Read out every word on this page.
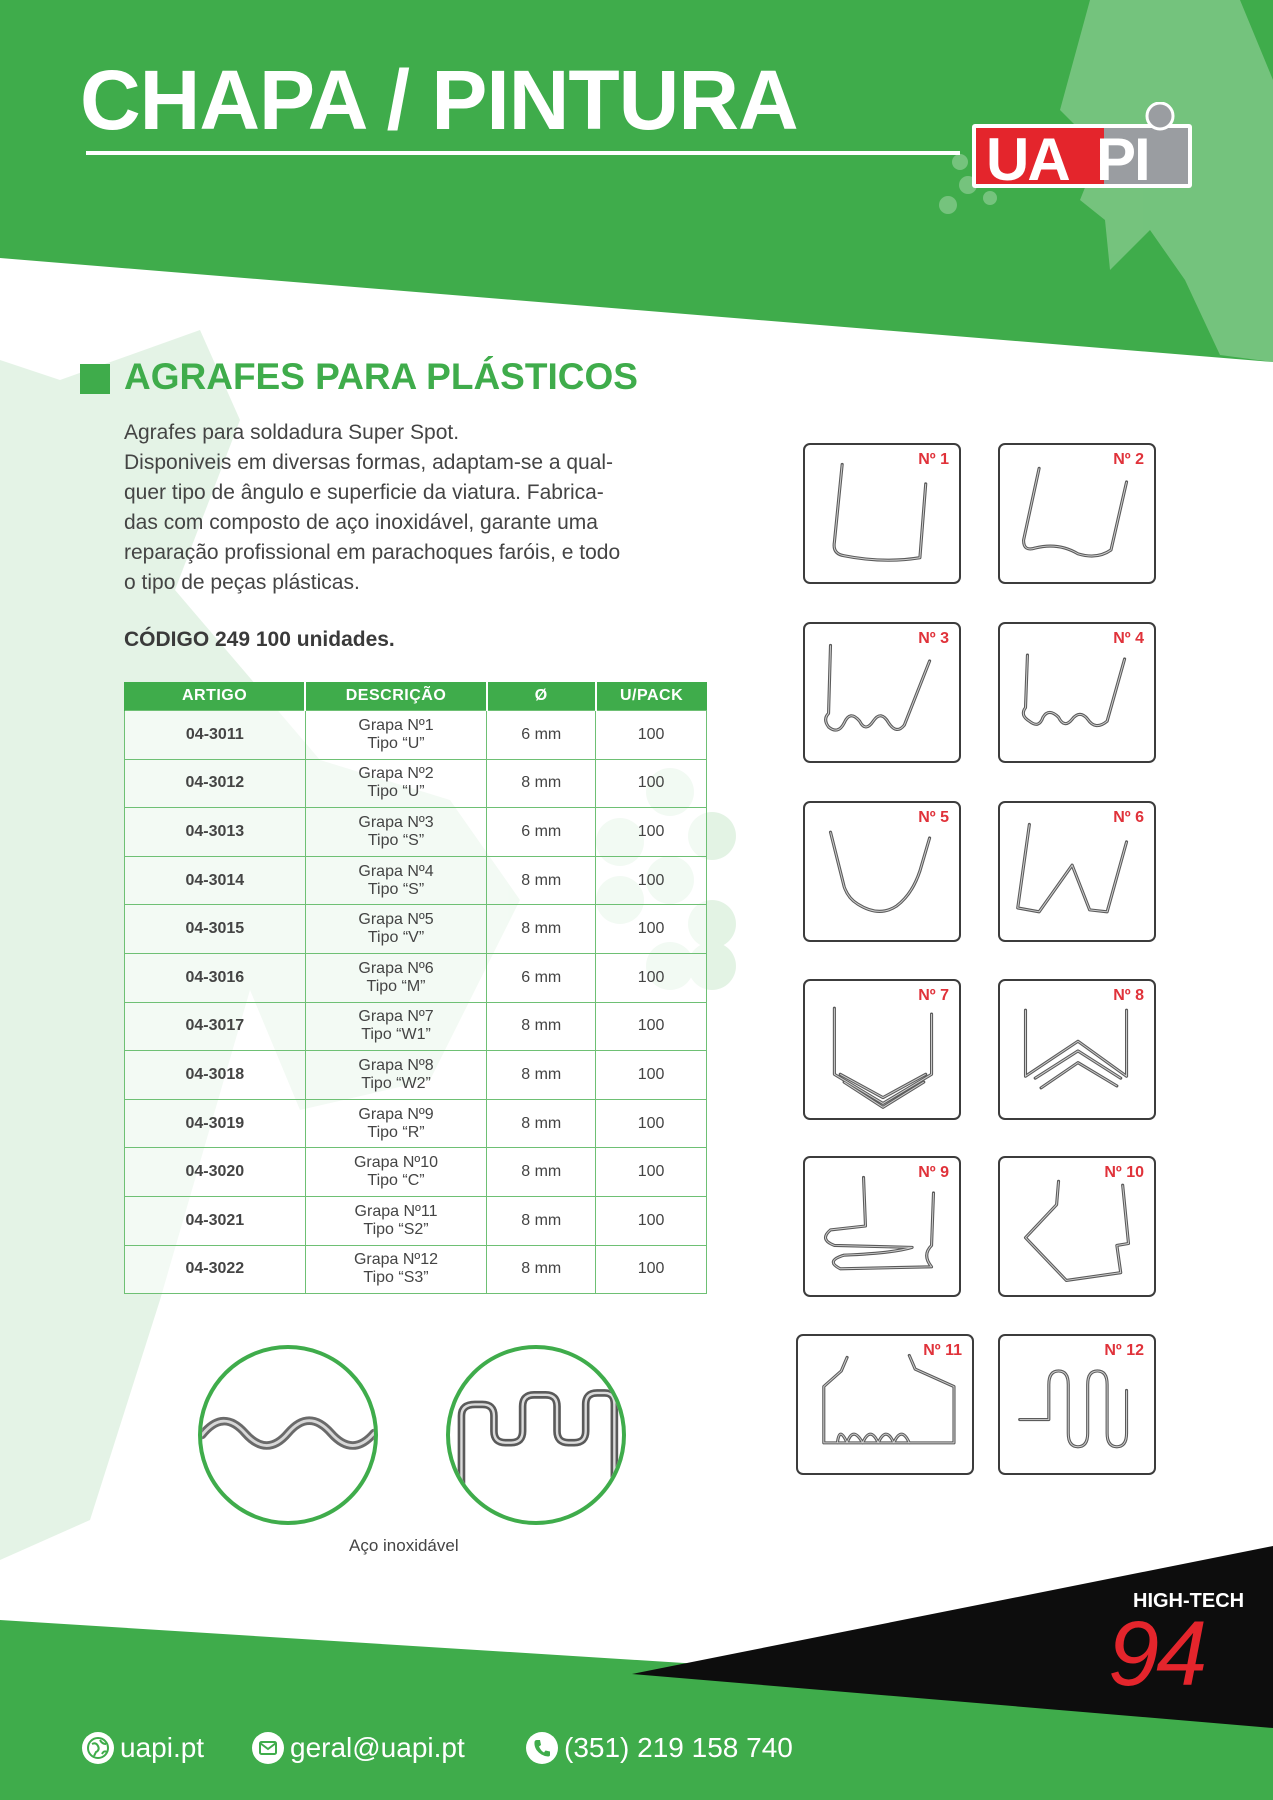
CHAPA / PINTURA
UA PI
AGRAFES PARA PLÁSTICOS

Agrafes para soldadura Super Spot.

Disponiveis em diversas formas, adaptam-se a qual-

quer tipo de ângulo e superficie da viatura. Fabrica-

das com composto de aço inoxidável, garante uma

reparação profissional em parachoques faróis, e todo

o tipo de peças plásticas.

CÓDIGO 249 100 unidades.
ARTIGO	DESCRIÇÃO	Ø	U/PACK
04-3011	Grapa Nº1
Tipo “U”	6 mm	100
04-3012	Grapa Nº2
Tipo “U”	8 mm	100
04-3013	Grapa Nº3
Tipo “S”	6 mm	100
04-3014	Grapa Nº4
Tipo “S”	8 mm	100
04-3015	Grapa Nº5
Tipo “V”	8 mm	100
04-3016	Grapa Nº6
Tipo “M”	6 mm	100
04-3017	Grapa Nº7
Tipo “W1”	8 mm	100
04-3018	Grapa Nº8
Tipo “W2”	8 mm	100
04-3019	Grapa Nº9
Tipo “R”	8 mm	100
04-3020	Grapa Nº10
Tipo “C”	8 mm	100
04-3021	Grapa Nº11
Tipo “S2”	8 mm	100
04-3022	Grapa Nº12
Tipo “S3”	8 mm	100
Nº 1	Nº 2
Nº 3	Nº 4
Nº 5	Nº 6
Nº 7	Nº 8
Nº 9	Nº 10
Nº 11	Nº 12
Aço inoxidável
HIGH-TECH
94
uapi.pt	geral@uapi.pt	(351) 219 158 740
